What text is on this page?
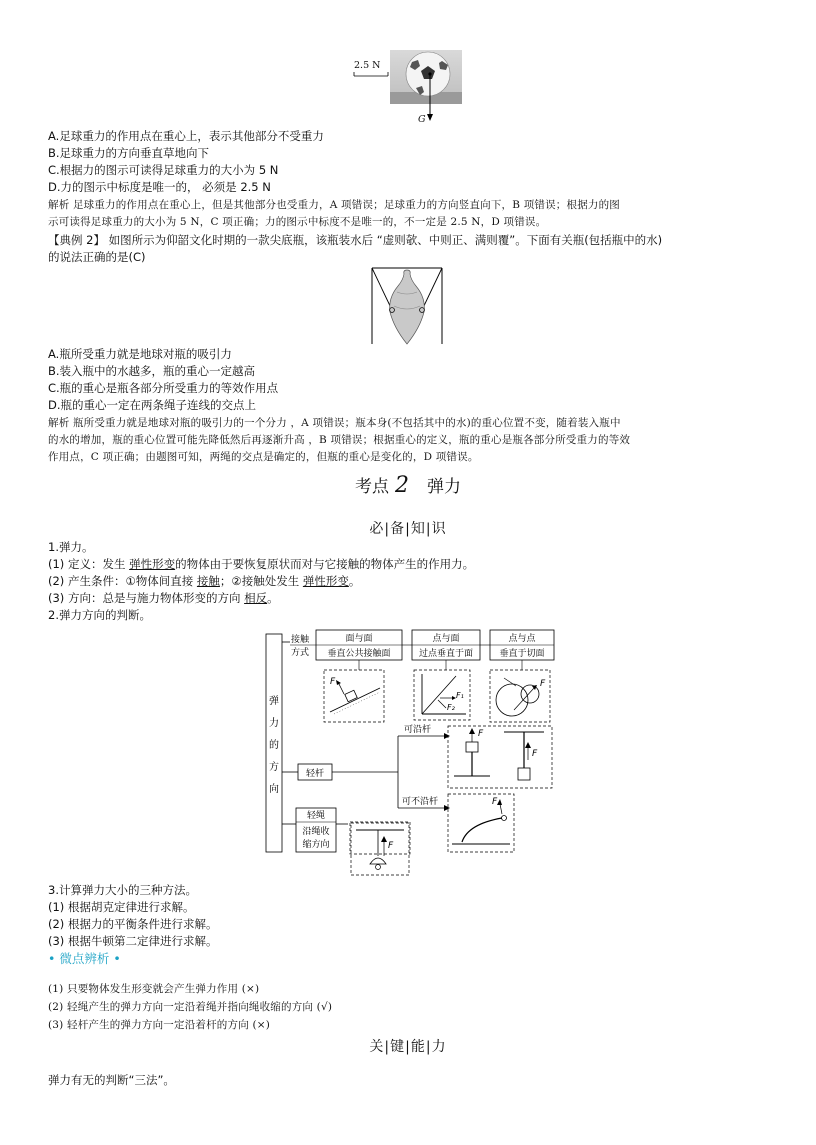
2.5 N
G
A.足球重力的作用点在重心上，表示其他部分不受重力
B.足球重力的方向垂直草地向下
C.根据力的图示可读得足球重力的大小为 5 N
D.力的图示中标度是唯一的， 必须是 2.5 N
解析 足球重力的作用点在重心上，但是其他部分也受重力，A 项错误；足球重力的方向竖直向下，B 项错误；根据力的图
示可读得足球重力的大小为 5 N，C 项正确；力的图示中标度不是唯一的，不一定是 2.5 N，D 项错误。
【典例 2】 如图所示为仰韶文化时期的一款尖底瓶，该瓶装水后 “虚则欹、中则正、满则覆”。下面有关瓶(包括瓶中的水)
的说法正确的是(C)
A.瓶所受重力就是地球对瓶的吸引力
B.装入瓶中的水越多，瓶的重心一定越高
C.瓶的重心是瓶各部分所受重力的等效作用点
D.瓶的重心一定在两条绳子连线的交点上
解析 瓶所受重力就是地球对瓶的吸引力的一个分力 ，A 项错误；瓶本身(不包括其中的水)的重心位置不变，随着装入瓶中
的水的增加，瓶的重心位置可能先降低然后再逐渐升高 ，B 项错误；根据重心的定义，瓶的重心是瓶各部分所受重力的等效
作用点，C 项正确；由题图可知，两绳的交点是确定的，但瓶的重心是变化的，D 项错误。
考点 2 弹力
必|备|知|识
1.弹力。
(1) 定义：发生 弹性形变的物体由于要恢复原状而对与它接触的物体产生的作用力。
(2) 产生条件：①物体间直接 接触；②接触处发生 弹性形变。
(3) 方向：总是与施力物体形变的方向 相反。
2.弹力方向的判断。
弹
力
的
方
向
接触
方式
面与面
垂直公共接触面
点与面
过点垂直于面
点与点
垂直于切面
F
F₁
F₂
F
轻杆
可沿杆
可不沿杆
F
F
F
轻绳
沿绳收
缩方向	F
3.计算弹力大小的三种方法。
(1) 根据胡克定律进行求解。
(2) 根据力的平衡条件进行求解。
(3) 根据牛顿第二定律进行求解。
• 微点辨析 •
(1) 只要物体发生形变就会产生弹力作用 (×)
(2) 轻绳产生的弹力方向一定沿着绳并指向绳收缩的方向 (√)
(3) 轻杆产生的弹力方向一定沿着杆的方向 (×)
关|键|能|力
弹力有无的判断“三法”。
